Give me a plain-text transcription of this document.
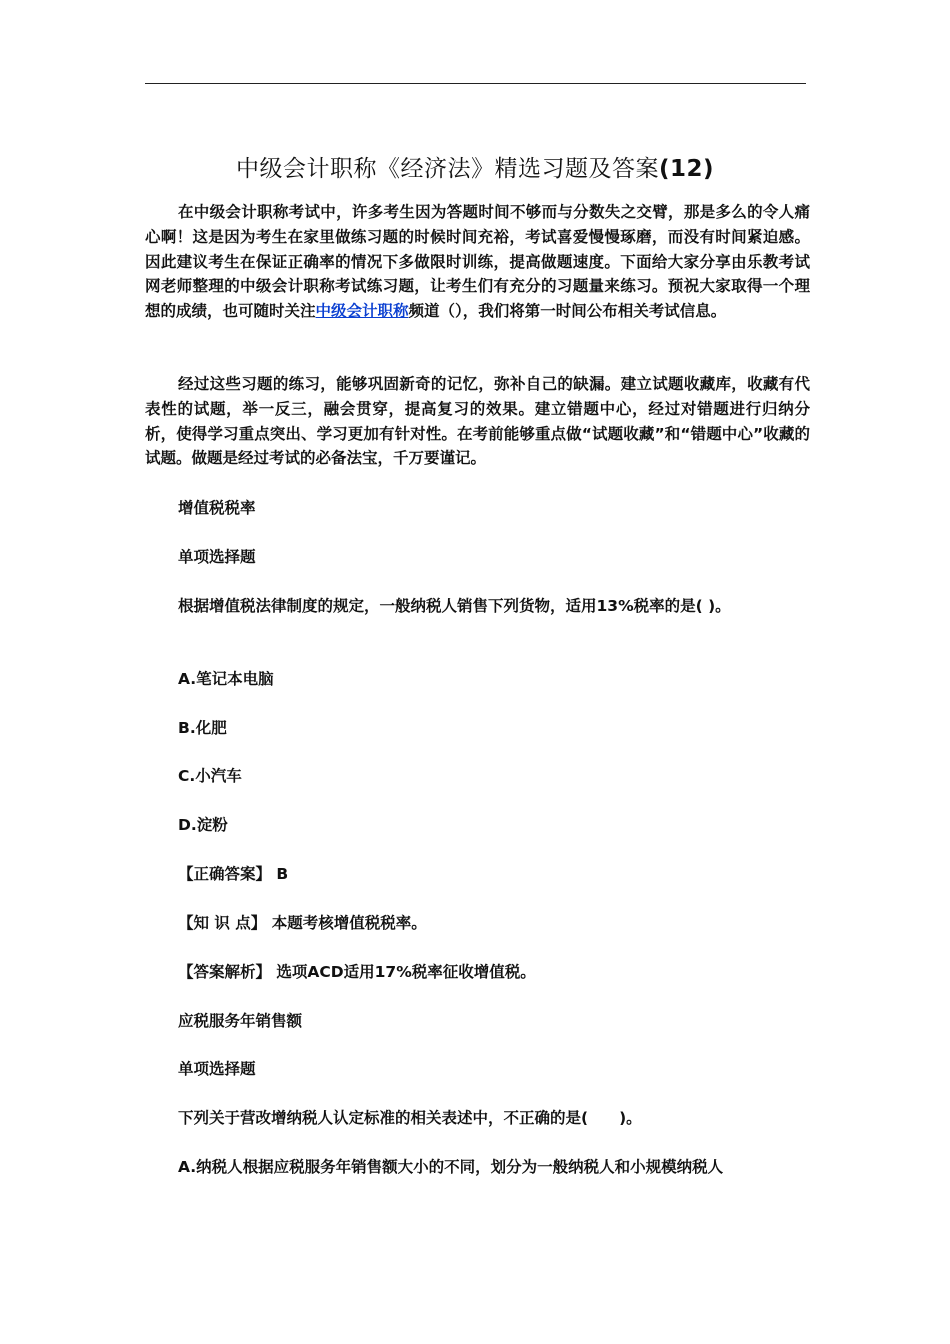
中级会计职称《经济法》精选习题及答案(12)
在中级会计职称考试中，许多考生因为答题时间不够而与分数失之交臂，那是多么的令人痛心啊！这是因为考生在家里做练习题的时候时间充裕，考试喜爱慢慢琢磨，而没有时间紧迫感。因此建议考生在保证正确率的情况下多做限时训练，提高做题速度。下面给大家分享由乐教考试网老师整理的中级会计职称考试练习题，让考生们有充分的习题量来练习。预祝大家取得一个理想的成绩，也可随时关注中级会计职称频道（），我们将第一时间公布相关考试信息。
经过这些习题的练习，能够巩固新奇的记忆，弥补自己的缺漏。建立试题收藏库，收藏有代表性的试题，举一反三，融会贯穿，提高复习的效果。建立错题中心，经过对错题进行归纳分析，使得学习重点突出、学习更加有针对性。在考前能够重点做“试题收藏”和“错题中心”收藏的试题。做题是经过考试的必备法宝，千万要谨记。
增值税税率
单项选择题
根据增值税法律制度的规定，一般纳税人销售下列货物，适用13%税率的是( )。
A.笔记本电脑
B.化肥
C.小汽车
D.淀粉
【正确答案】 B
【知 识 点】 本题考核增值税税率。
【答案解析】 选项ACD适用17%税率征收增值税。
应税服务年销售额
单项选择题
下列关于营改增纳税人认定标准的相关表述中，不正确的是(　　)。
A.纳税人根据应税服务年销售额大小的不同，划分为一般纳税人和小规模纳税人
